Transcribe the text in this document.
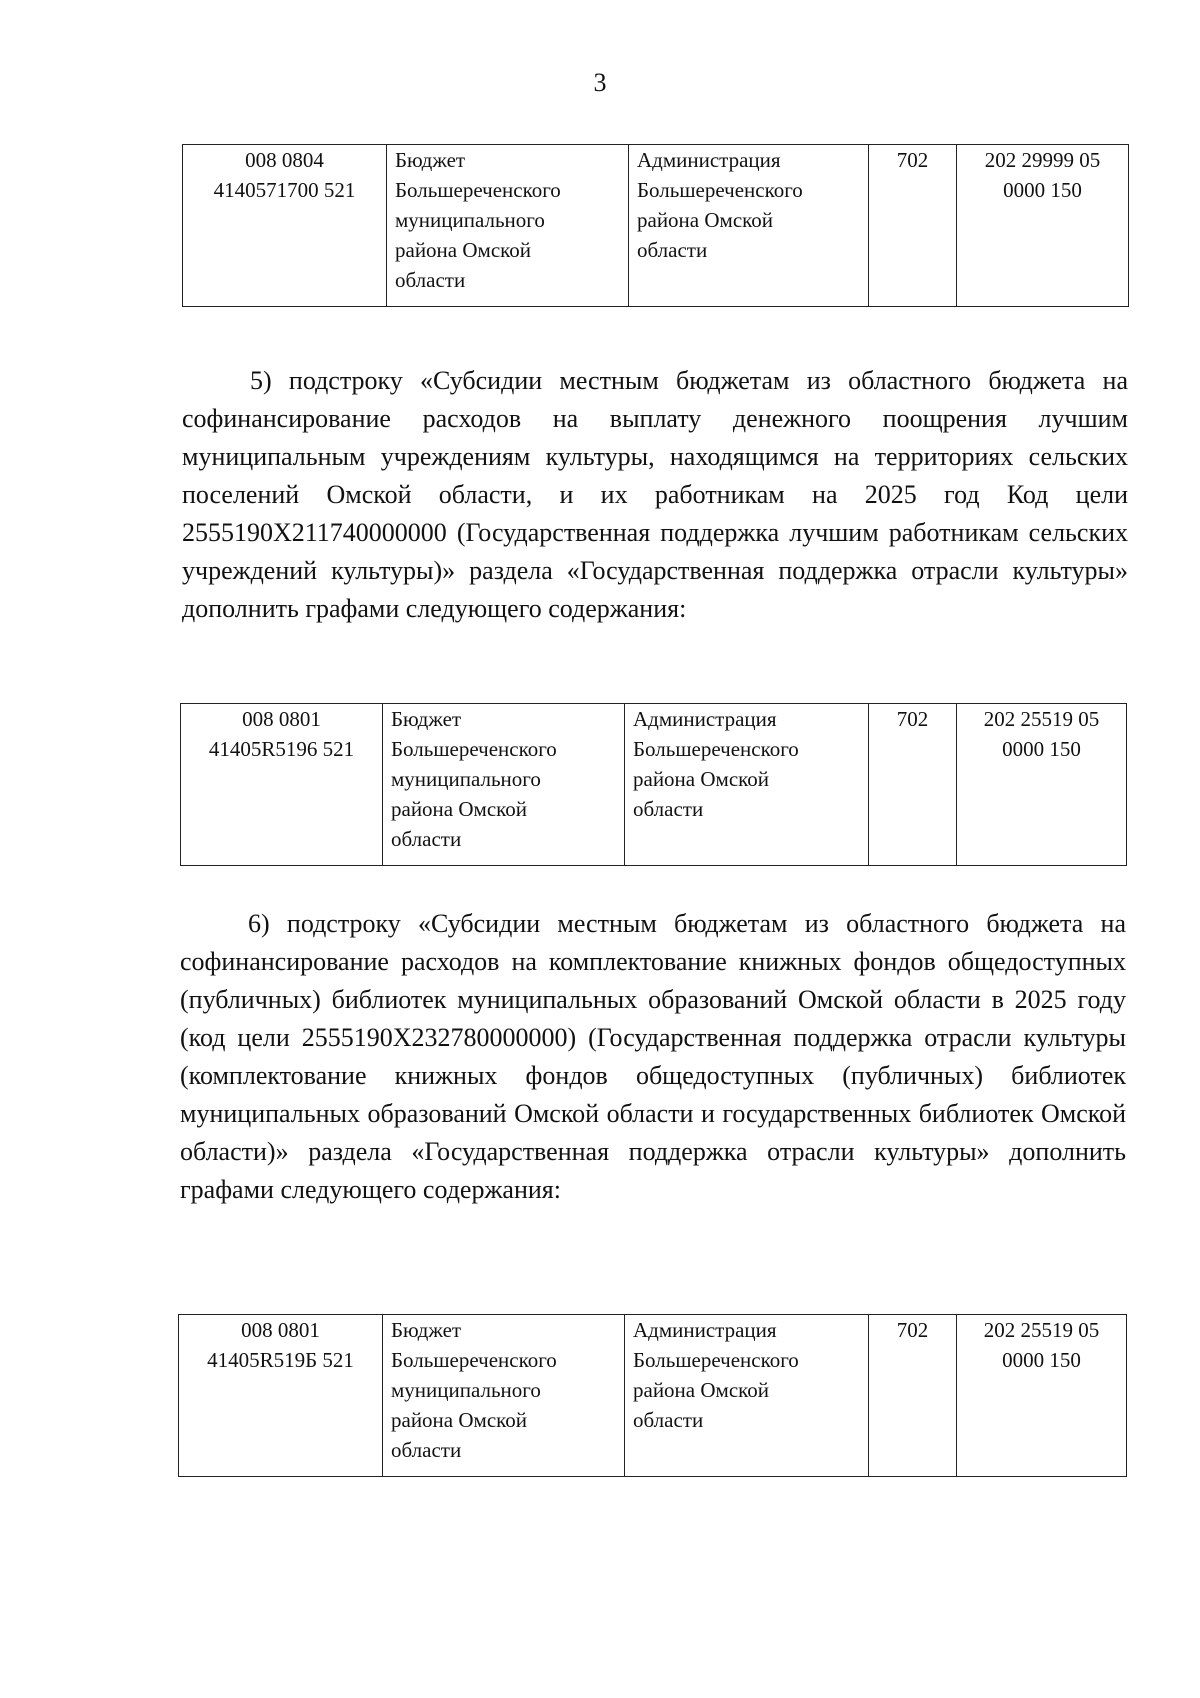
3
008 0804
4140571700 521	Бюджет
Большереченского
муниципального
района Омской
области	Администрация
Большереченского
района Омской
области	702	202 29999 05
0000 150

5) подстроку «Субсидии местным бюджетам из областного бюджета на софинансирование расходов на выплату денежного поощрения лучшим муниципальным учреждениям культуры, находящимся на территориях сельских поселений Омской области, и их работникам на 2025 год Код цели 2555190Х211740000000 (Государственная поддержка лучшим работникам сельских учреждений культуры)» раздела «Государственная поддержка отрасли культуры» дополнить графами следующего содержания:

008 0801
41405R5196 521	Бюджет
Большереченского
муниципального
района Омской
области	Администрация
Большереченского
района Омской
области	702	202 25519 05
0000 150

6) подстроку «Субсидии местным бюджетам из областного бюджета на софинансирование расходов на комплектование книжных фондов общедоступных (публичных) библиотек муниципальных образований Омской области в 2025 году (код цели 2555190Х232780000000) (Государственная поддержка отрасли культуры (комплектование книжных фондов общедоступных (публичных) библиотек муниципальных образований Омской области и государственных библиотек Омской области)» раздела «Государственная поддержка отрасли культуры» дополнить графами следующего содержания:

008 0801
41405R519Б 521	Бюджет
Большереченского
муниципального
района Омской
области	Администрация
Большереченского
района Омской
области	702	202 25519 05
0000 150
